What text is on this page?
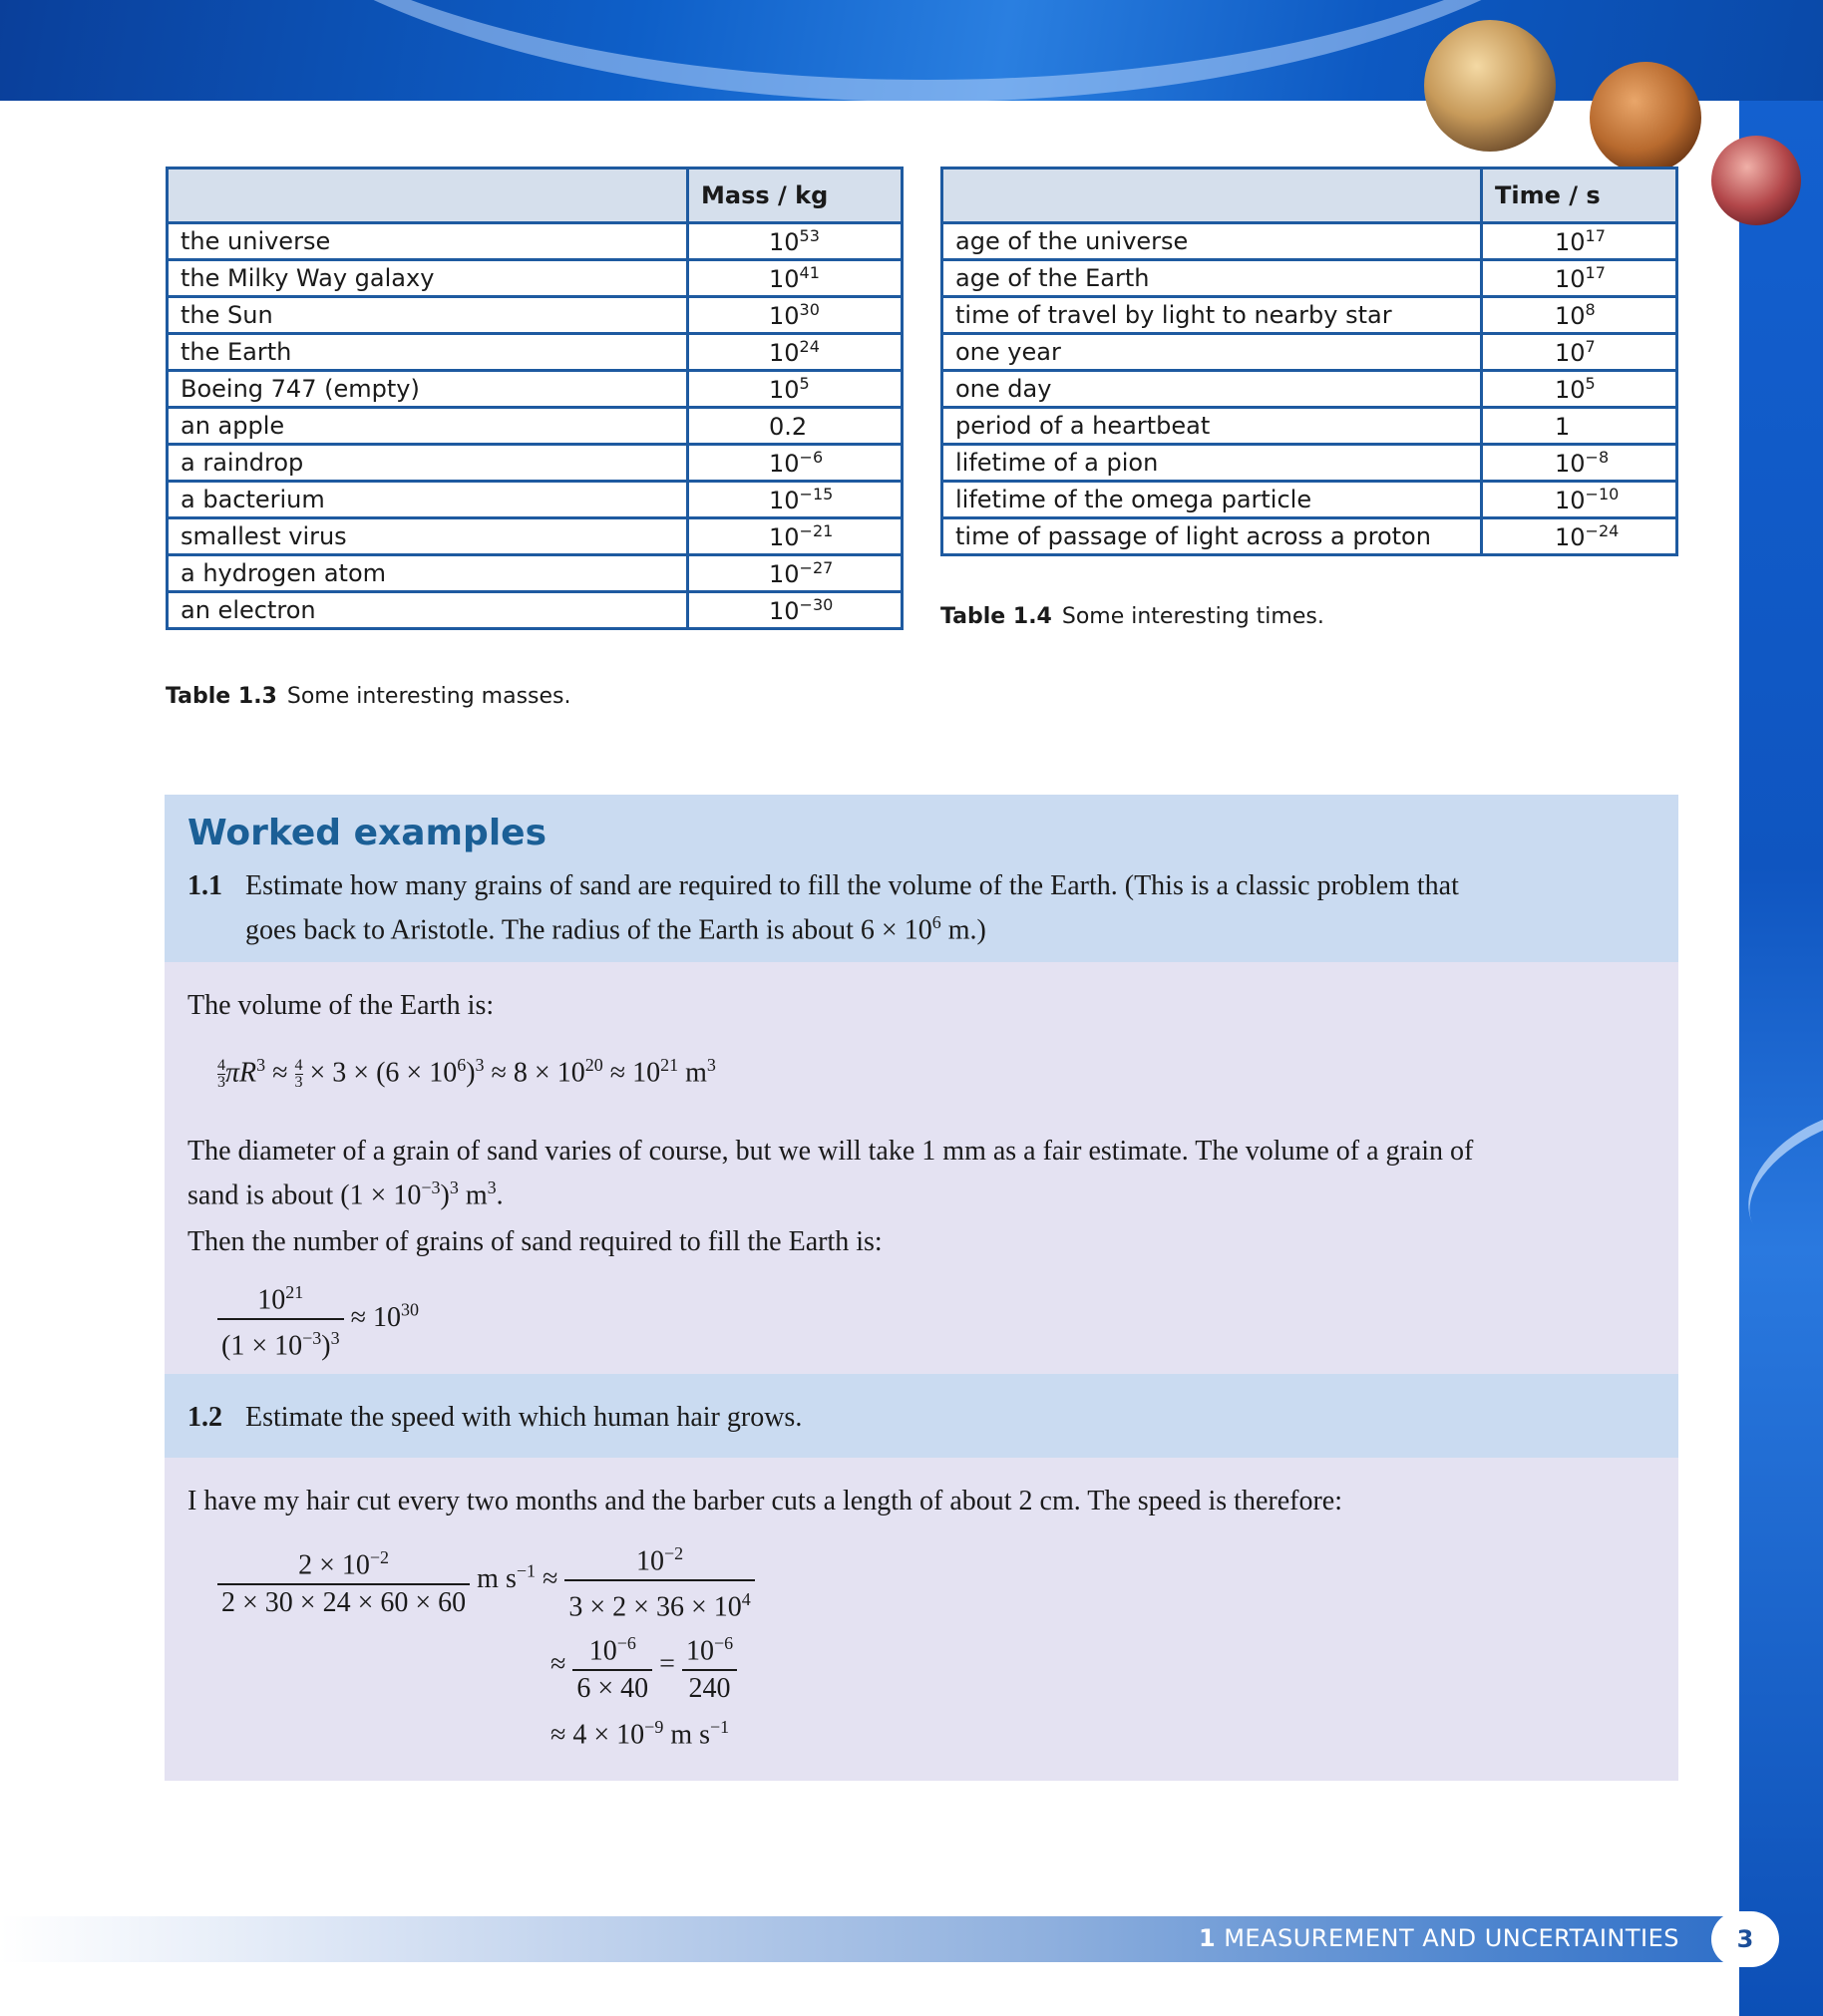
	Mass / kg
the universe	$10^{53}$
the Milky Way galaxy	$10^{41}$
the Sun	$10^{30}$
the Earth	$10^{24}$
Boeing 747 (empty)	$10^5$
an apple	0.2
a raindrop	$10^{-6}$
a bacterium	$10^{-15}$
smallest virus	$10^{-21}$
a hydrogen atom	$10^{-27}$
an electron	$10^{-30}$
Table 1.3 Some interesting masses.
	Time / s
age of the universe	$10^{17}$
age of the Earth	$10^{17}$
time of travel by light to nearby star	$10^8$
one year	$10^7$
one day	$10^5$
period of a heartbeat	1
lifetime of a pion	$10^{-8}$
lifetime of the omega particle	$10^{-10}$
time of passage of light across a proton	$10^{-24}$
Table 1.4 Some interesting times.
Worked examples
1.1 Estimate how many grains of sand are required to fill the volume of the Earth. (This is a classic problem that
goes back to Aristotle. The radius of the Earth is about $6 \times 10^6$ m.)
The volume of the Earth is:
$\frac{4}{3}\pi R^3 \approx \frac{4}{3} \times 3 \times (6 \times 10^6)^3 \approx 8 \times 10^{20} \approx 10^{21}$ $m^3$
The diameter of a grain of sand varies of course, but we will take 1 mm as a fair estimate. The volume of a grain of
sand is about $(1 \times 10^{-3})^3$ $m^3$.
Then the number of grains of sand required to fill the Earth is:
$\frac{10^{21}}{(1 \times 10^{-3})^3} \approx 10^{30}$
1.2 Estimate the speed with which human hair grows.
I have my hair cut every two months and the barber cuts a length of about 2 cm. The speed is therefore:
$\frac{2 \times 10^{-2}}{2 \times 30 \times 24 \times 60 \times 60}$ m $s^{-1} \approx \frac{10^{-2}}{3 \times 2 \times 36 \times 10^4}$
≈ $\frac{10^{-6}}{6 \times 40} = \frac{10^{-6}}{240}$
≈ $4 \times 10^{-9}$ m $s^{-1}$
1 MEASUREMENT AND UNCERTAINTIES	3
